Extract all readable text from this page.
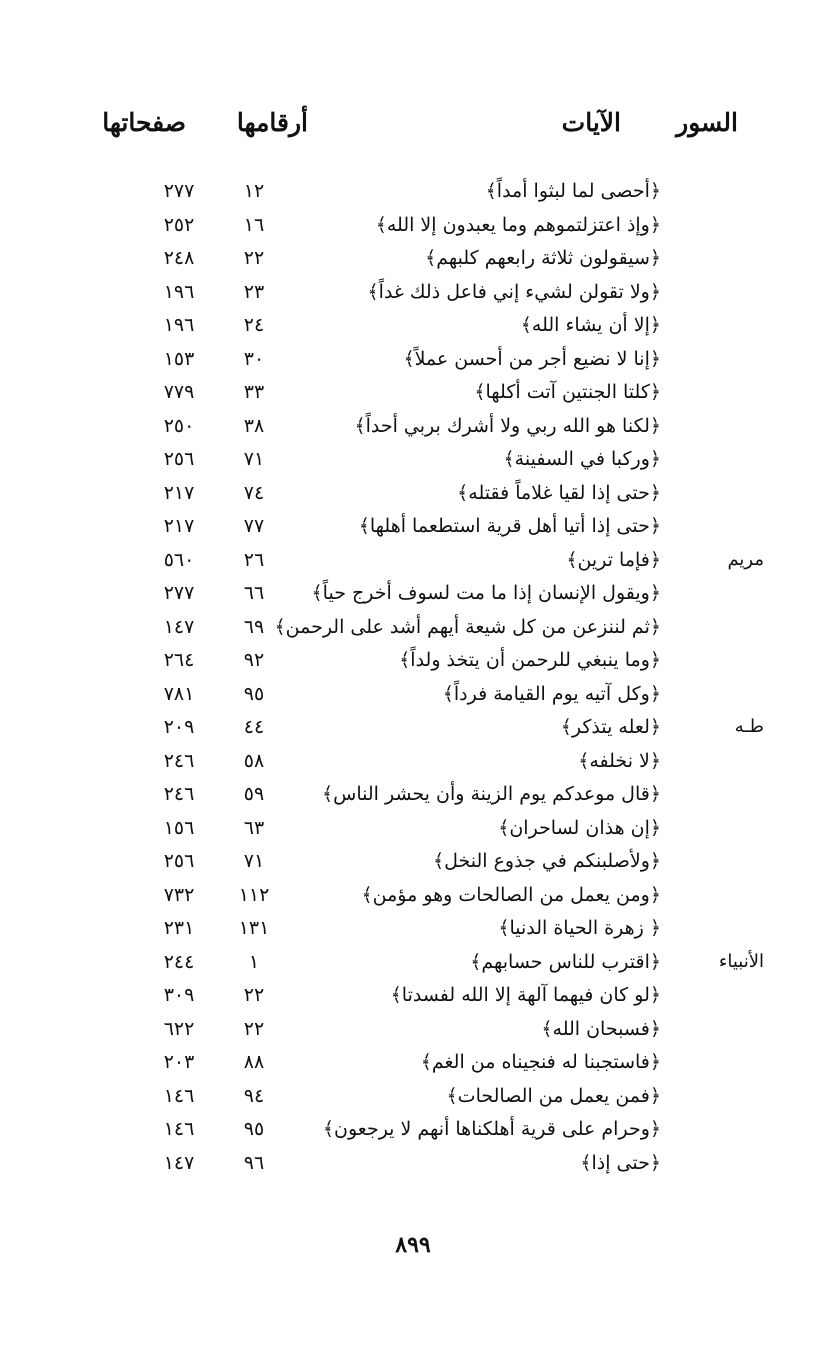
السور
الآيات
أرقامها
صفحاتها
﴿أحصى لما لبثوا أمداً﴾
١٢
٢٧٧
﴿وإذ اعتزلتموهم وما يعبدون إلا الله﴾
١٦
٢٥٢
﴿سيقولون ثلاثة رابعهم كلبهم﴾
٢٢
٢٤٨
﴿ولا تقولن لشيء إني فاعل ذلك غداً﴾
٢٣
١٩٦
﴿إلا أن يشاء الله﴾
٢٤
١٩٦
﴿إنا لا نضيع أجر من أحسن عملاً﴾
٣٠
١٥٣
﴿كلتا الجنتين آتت أكلها﴾
٣٣
٧٧٩
﴿لكنا هو الله ربي ولا أشرك بربي أحداً﴾
٣٨
٢٥٠
﴿وركبا في السفينة﴾
٧١
٢٥٦
﴿حتى إذا لقيا غلاماً فقتله﴾
٧٤
٢١٧
﴿حتى إذا أتيا أهل قرية استطعما أهلها﴾
٧٧
٢١٧
مريم
﴿فإما ترين﴾
٢٦
٥٦٠
﴿ويقول الإنسان إذا ما مت لسوف أخرج حياً﴾
٦٦
٢٧٧
﴿ثم لننزعن من كل شيعة أيهم أشد على الرحمن﴾
٦٩
١٤٧
﴿وما ينبغي للرحمن أن يتخذ ولداً﴾
٩٢
٢٦٤
﴿وكل آتيه يوم القيامة فرداً﴾
٩٥
٧٨١
طـه
﴿لعله يتذكر﴾
٤٤
٢٠٩
﴿لا نخلفه﴾
٥٨
٢٤٦
﴿قال موعدكم يوم الزينة وأن يحشر الناس﴾
٥٩
٢٤٦
﴿إن هذان لساحران﴾
٦٣
١٥٦
﴿ولأصلبنكم في جذوع النخل﴾
٧١
٢٥٦
﴿ومن يعمل من الصالحات وهو مؤمن﴾
١١٢
٧٣٢
﴿ زهرة الحياة الدنيا﴾
١٣١
٢٣١
الأنبياء
﴿اقترب للناس حسابهم﴾
١
٢٤٤
﴿لو كان فيهما آلهة إلا الله لفسدتا﴾
٢٢
٣٠٩
﴿فسبحان الله﴾
٢٢
٦٢٢
﴿فاستجبنا له فنجيناه من الغم﴾
٨٨
٢٠٣
﴿فمن يعمل من الصالحات﴾
٩٤
١٤٦
﴿وحرام على قرية أهلكناها أنهم لا يرجعون﴾
٩٥
١٤٦
﴿حتى إذا﴾
٩٦
١٤٧
٨٩٩
